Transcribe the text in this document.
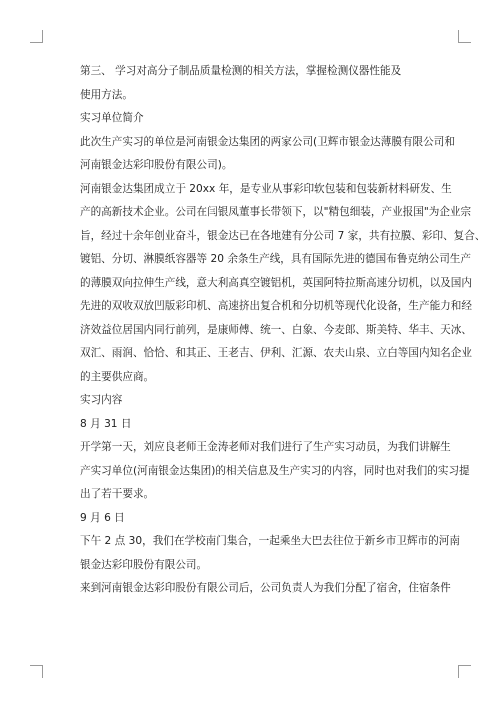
第三、 学习对高分子制品质量检测的相关方法，掌握检测仪器性能及
使用方法。
实习单位简介
此次生产实习的单位是河南银金达集团的两家公司(卫辉市银金达薄膜有限公司和
河南银金达彩印股份有限公司)。
河南银金达集团成立于 20xx 年，是专业从事彩印软包装和包装新材料研发、生
产的高新技术企业。公司在闫银凤董事长带领下，以"精包细装，产业报国"为企业宗
旨，经过十余年创业奋斗，银金达已在各地建有分公司 7 家，共有拉膜、彩印、复合、
镀铝、分切、淋膜纸容器等 20 余条生产线，具有国际先进的德国布鲁克纳公司生产
的薄膜双向拉伸生产线，意大利高真空镀铝机，英国阿特拉斯高速分切机，以及国内
先进的双收双放凹版彩印机、高速挤出复合机和分切机等现代化设备，生产能力和经
济效益位居国内同行前列，是康师傅、统一、白象、今麦郎、斯美特、华丰、天冰、
双汇、雨润、恰恰、和其正、王老吉、伊利、汇源、农夫山泉、立白等国内知名企业
的主要供应商。
实习内容
8 月 31 日
开学第一天，刘应良老师王金涛老师对我们进行了生产实习动员，为我们讲解生
产实习单位(河南银金达集团)的相关信息及生产实习的内容，同时也对我们的实习提
出了若干要求。
9 月 6 日
下午 2 点 30，我们在学校南门集合，一起乘坐大巴去往位于新乡市卫辉市的河南
银金达彩印股份有限公司。
来到河南银金达彩印股份有限公司后，公司负责人为我们分配了宿舍，住宿条件
